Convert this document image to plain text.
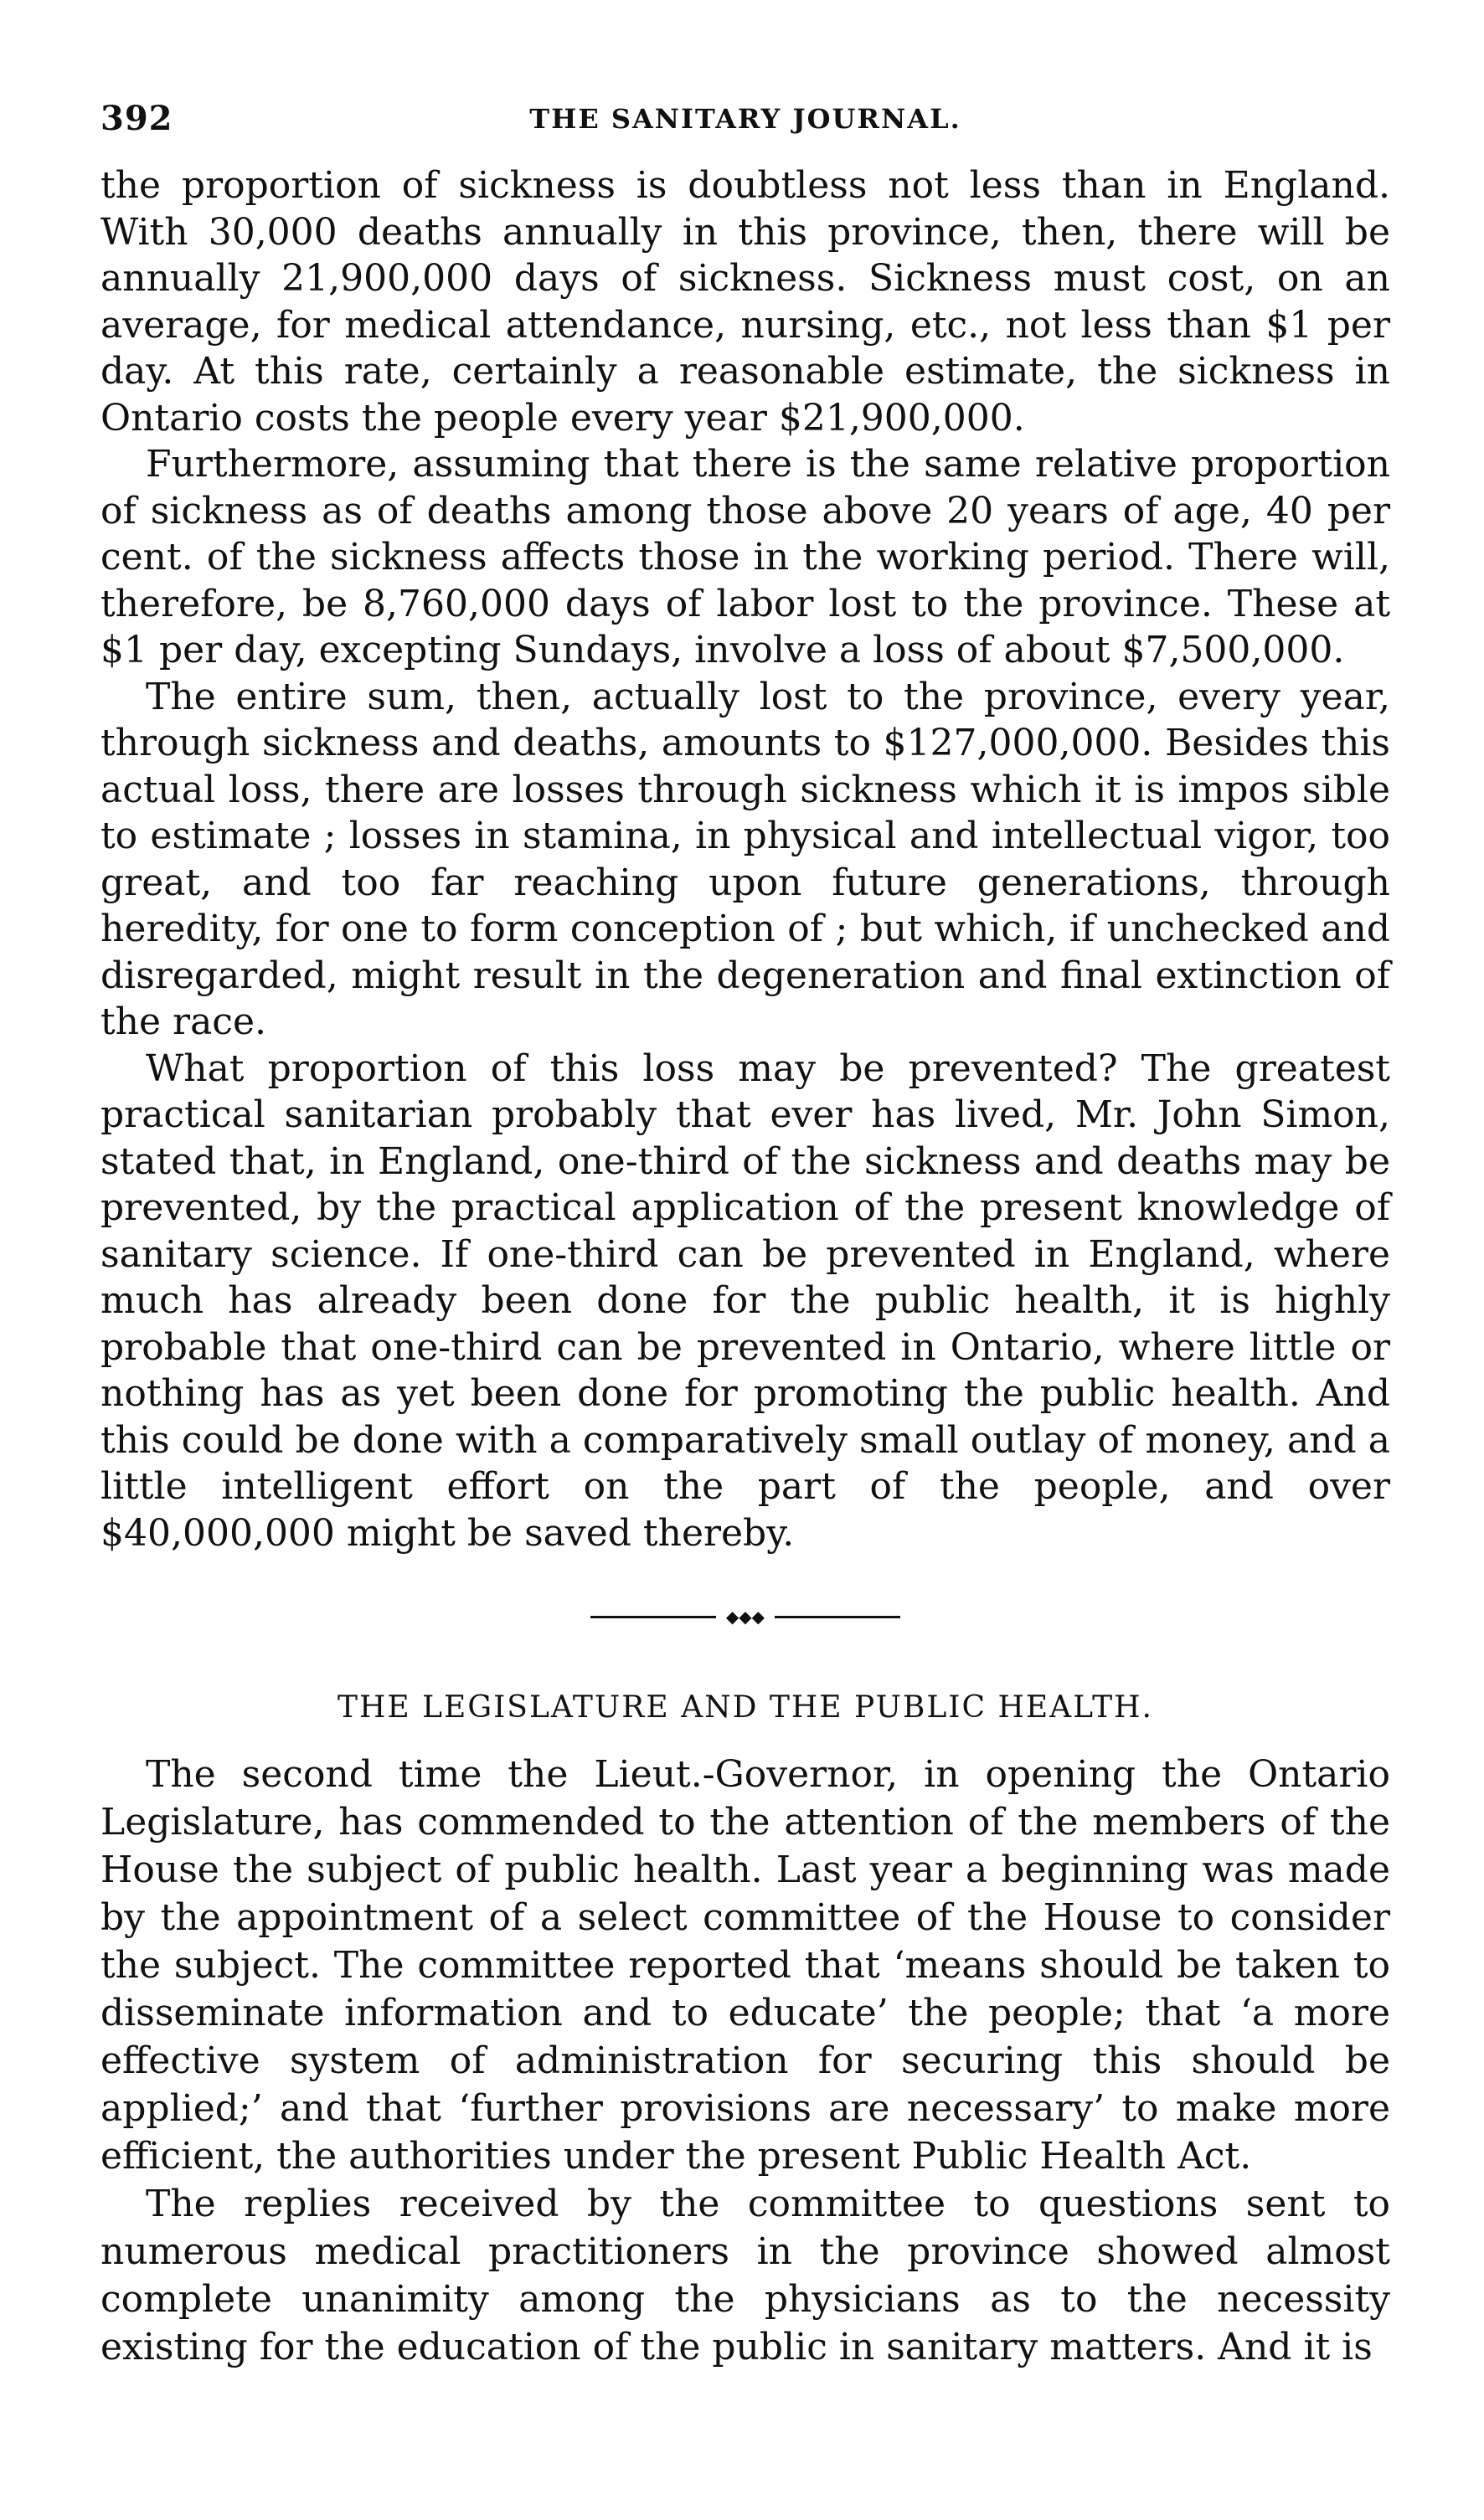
392	THE SANITARY JOURNAL.

the proportion of sickness is doubtless not less than in England. With 30,000 deaths annually in this province, then, there will be annually 21,900,000 days of sickness. Sickness must cost, on an average, for medical attendance, nursing, etc., not less than $1 per day. At this rate, certainly a reasonable estimate, the sickness in Ontario costs the people every year $21,900,000.

Furthermore, assuming that there is the same relative proportion of sickness as of deaths among those above 20 years of age, 40 per cent. of the sickness affects those in the working period. There will, therefore, be 8,760,000 days of labor lost to the province. These at $1 per day, excepting Sundays, involve a loss of about $7,500,000.

The entire sum, then, actually lost to the province, every year, through sickness and deaths, amounts to $127,000,000. Besides this actual loss, there are losses through sickness which it is impos sible to estimate ; losses in stamina, in physical and intellectual vigor, too great, and too far reaching upon future generations, through heredity, for one to form conception of ; but which, if unchecked and disregarded, might result in the degeneration and final extinction of the race.

What proportion of this loss may be prevented? The greatest practical sanitarian probably that ever has lived, Mr. John Simon, stated that, in England, one-third of the sickness and deaths may be prevented, by the practical application of the present knowledge of sanitary science. If one-third can be prevented in England, where much has already been done for the public health, it is highly probable that one-third can be prevented in Ontario, where little or nothing has as yet been done for promoting the public health. And this could be done with a comparatively small outlay of money, and a little intelligent effort on the part of the people, and over $40,000,000 might be saved thereby.

◆◆◆
THE LEGISLATURE AND THE PUBLIC HEALTH.

The second time the Lieut.-Governor, in opening the Ontario Legislature, has commended to the attention of the members of the House the subject of public health. Last year a beginning was made by the appointment of a select committee of the House to consider the subject. The committee reported that ‘means should be taken to disseminate information and to educate’ the people; that ‘a more effective system of administration for securing this should be applied;’ and that ‘further provisions are necessary’ to make more efficient, the authorities under the present Public Health Act.

The replies received by the committee to questions sent to numerous medical practitioners in the province showed almost complete unanimity among the physicians as to the necessity existing for the education of the public in sanitary matters. And it is
